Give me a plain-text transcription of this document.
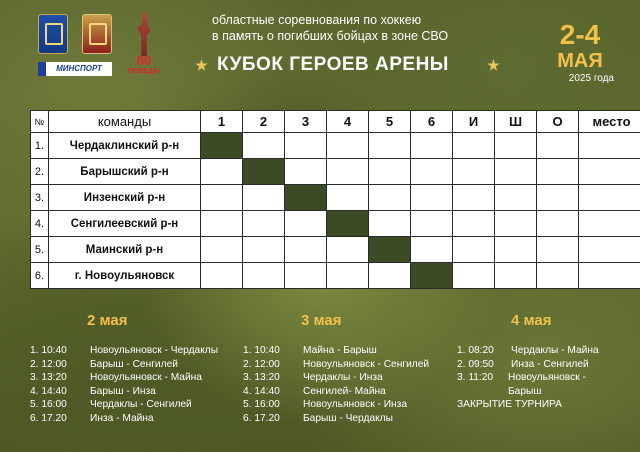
МИНСПОРТ
80
ПОБЕДА!
областные соревнования по хоккею
в память о погибших бойцах в зоне СВО
КУБОК ГЕРОЕВ АРЕНЫ
2-4
МАЯ
2025 года
№	команды	1	2	3	4	5	6	И	Ш	О	место
1.	Чердаклинский р-н										
2.	Барышский р-н										
3.	Инзенский р-н										
4.	Сенгилеевский р-н										
5.	Маинский р-н										
6.	г. Новоульяновск										
2 мая	3 мая	4 мая
1. 10:40	Новоульяновск - Чердаклы
2. 12:00	Барыш - Сенгилей
3. 13:20	Новоульяновск - Майна
4. 14:40	Барыш - Инза
5. 16:00	Чердаклы - Сенгилей
6. 17.20	Инза - Майна
1. 10:40	Майна - Барыш
2. 12:00	Новоульяновск - Сенгилей
3. 13:20	Чердаклы - Инза
4. 14:40	Сенгилей- Майна
5. 16:00	Новоульяновск - Инза
6. 17.20	Барыш - Чердаклы
1. 08:20	Чердаклы - Майна
2. 09:50	Инза - Сенгилей
3. 11:20	Новоульяновск -
Барыш
ЗАКРЫТИЕ ТУРНИРА
